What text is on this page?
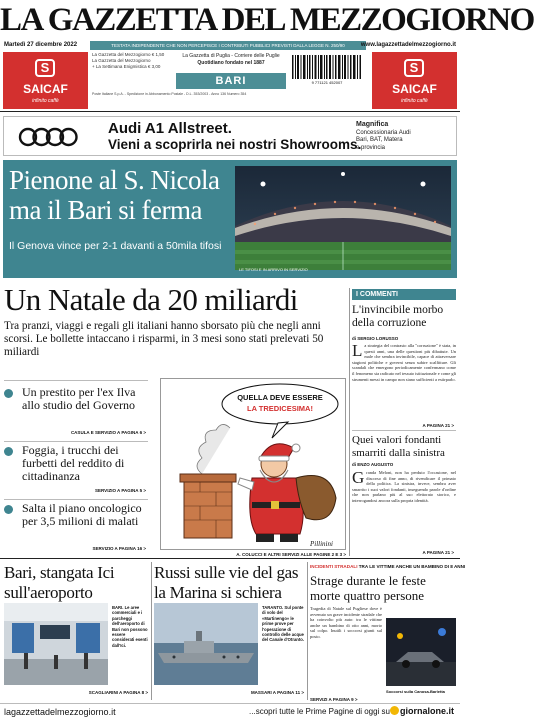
LA GAZZETTA DEL MEZZOGIORNO
Martedì 27 dicembre 2022	TESTATA INDIPENDENTE CHE NON PERCEPISCE I CONTRIBUTI PUBBLICI PREVISTI DALLA LEGGE N. 250/90	www.lagazzettadelmezzogiorno.it
S
SAICAF
infinito caffè
S
SAICAF
infinito caffè
La Gazzetta del Mezzogiorno € 1,50
La Gazzetta del Mezzogiorno
+ La Settimana Enigmistica € 3,00
La Gazzetta di Puglia - Corriere delle Puglie
Quotidiano fondato nel 1887
BARI	9 771121 452007
Poste Italiane S.p.A. - Spedizione in Abbonamento Postale - D.L. 353/2003 - Anno 136 Numero 354
Audi A1 Allstreet.
Vieni a scoprirla nei nostri Showrooms.
Magnifica
Concessionaria Audi
Bari, BAT, Matera
e provincia
Pienone al S. Nicola ma il Bari si ferma
Il Genova vince per 2-1 davanti a 50mila tifosi
LE TIFOSI E IN ARRIVO IN SERVIZIO
Un Natale da 20 miliardi
Tra pranzi, viaggi e regali gli italiani hanno sborsato più che negli anni scorsi. Le bollette intaccano i risparmi, in 3 mesi sono stati prelevati 50 miliardi
Un prestito per l'ex Ilva allo studio del Governo
CASULA E SERVIZIO A PAGINA 6 >
Foggia, i trucchi dei furbetti del reddito di cittadinanza
SERVIZIO A PAGINA 5 >
Salta il piano oncologico per 3,5 milioni di malati
SERVIZIO A PAGINA 16 >
QUELLA DEVE ESSERE
LA TREDICESIMA!
Pillinini
A. COLUCCI E ALTRI SERVIZI ALLE PAGINE 2 E 3 >
I COMMENTI
L'invincibile morbo della corruzione
di SERGIO LORUSSO
La strategia del contrasto alla "corruzione" è stata, in questi anni, una delle questioni più dibattute. Un male che sembra invincibile, capace di attraversare stagioni politiche e governi senza subire scalfitture. Gli scandali che emergono periodicamente confermano come il fenomeno sia radicato nel tessuto istituzionale e come gli strumenti messi in campo non siano sufficienti a estirparlo.
A PAGINA 21 >
Quei valori fondanti smarriti dalla sinistra
di ENZO AUGUSTO
Granda Meloni, non ha perduto l'occasione, nel discorso di fine anno, di rivendicare il primato della politica. La sinistra, invece, sembra aver smarrito i suoi valori fondanti, inseguendo parole d'ordine che non parlano più al suo elettorato storico, e interrogandosi ancora sulla propria identità.
A PAGINA 21 >
Bari, stangata Ici sull'aeroporto
BARI. Le aree commerciali e i parcheggi dell'aeroporto di Bari non possono essere considerati esenti dall'Ici.
SCAGLIARINI A PAGINA 8 >
Russi sulle vie del gas la Marina si schiera
TARANTO. Sul ponte di volo del «Martinengo» le prime prove per l'operazione di controllo delle acque del Canale d'Otranto.
MASSARI A PAGINA 11 >
INCIDENTI STRADALI TRA LE VITTIME ANCHE UN BAMBINO DI 8 ANNI
Strage durante le feste morte quattro persone
Tragedia di Natale sul Pugliese dove è avvenuto un grave incidente stradale che ha coinvolto più auto: tra le vittime anche un bambino di otto anni, morto sul colpo. Inutili i soccorsi giunti sul posto.
Soccorsi sulla Canosa-Barletta
SERVIZI A PAGINA 9 >
lagazzettadelmezzogiorno.it	...scopri tutte le Prime Pagine di oggi su	giornalone.it
